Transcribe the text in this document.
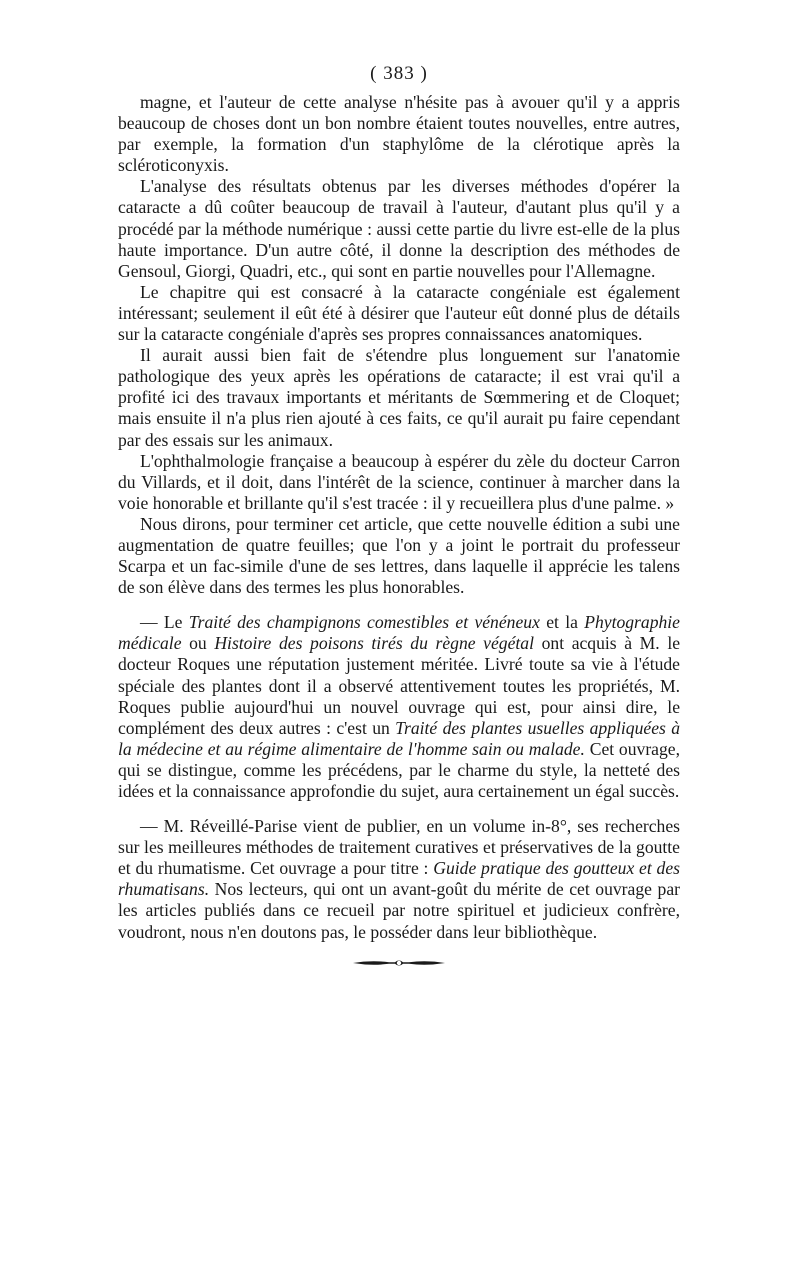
( 383 )

magne, et l'auteur de cette analyse n'hésite pas à avouer qu'il y a appris beaucoup de choses dont un bon nombre étaient toutes nouvelles, entre autres, par exemple, la formation d'un staphylôme de la clérotique après la scléroticonyxis.

L'analyse des résultats obtenus par les diverses méthodes d'opérer la cataracte a dû coûter beaucoup de travail à l'auteur, d'autant plus qu'il y a procédé par la méthode numérique : aussi cette partie du livre est-elle de la plus haute importance. D'un autre côté, il donne la description des méthodes de Gensoul, Giorgi, Quadri, etc., qui sont en partie nouvelles pour l'Allemagne.

Le chapitre qui est consacré à la cataracte congéniale est également intéressant; seulement il eût été à désirer que l'auteur eût donné plus de détails sur la cataracte congéniale d'après ses propres connaissances anatomiques.

Il aurait aussi bien fait de s'étendre plus longuement sur l'anatomie pathologique des yeux après les opérations de cataracte; il est vrai qu'il a profité ici des travaux importants et méritants de Sœmmering et de Cloquet; mais ensuite il n'a plus rien ajouté à ces faits, ce qu'il aurait pu faire cependant par des essais sur les animaux.

L'ophthalmologie française a beaucoup à espérer du zèle du docteur Carron du Villards, et il doit, dans l'intérêt de la science, continuer à marcher dans la voie honorable et brillante qu'il s'est tracée : il y recueillera plus d'une palme. »

Nous dirons, pour terminer cet article, que cette nouvelle édition a subi une augmentation de quatre feuilles; que l'on y a joint le portrait du professeur Scarpa et un fac-simile d'une de ses lettres, dans laquelle il apprécie les talens de son élève dans des termes les plus honorables.

— Le Traité des champignons comestibles et vénéneux et la Phytographie médicale ou Histoire des poisons tirés du règne végétal ont acquis à M. le docteur Roques une réputation justement méritée. Livré toute sa vie à l'étude spéciale des plantes dont il a observé attentivement toutes les propriétés, M. Roques publie aujourd'hui un nouvel ouvrage qui est, pour ainsi dire, le complément des deux autres : c'est un Traité des plantes usuelles appliquées à la médecine et au régime alimentaire de l'homme sain ou malade. Cet ouvrage, qui se distingue, comme les précédens, par le charme du style, la netteté des idées et la connaissance approfondie du sujet, aura certainement un égal succès.

— M. Réveillé-Parise vient de publier, en un volume in-8°, ses recherches sur les meilleures méthodes de traitement curatives et préservatives de la goutte et du rhumatisme. Cet ouvrage a pour titre : Guide pratique des goutteux et des rhumatisans. Nos lecteurs, qui ont un avant-goût du mérite de cet ouvrage par les articles publiés dans ce recueil par notre spirituel et judicieux confrère, voudront, nous n'en doutons pas, le posséder dans leur bibliothèque.
